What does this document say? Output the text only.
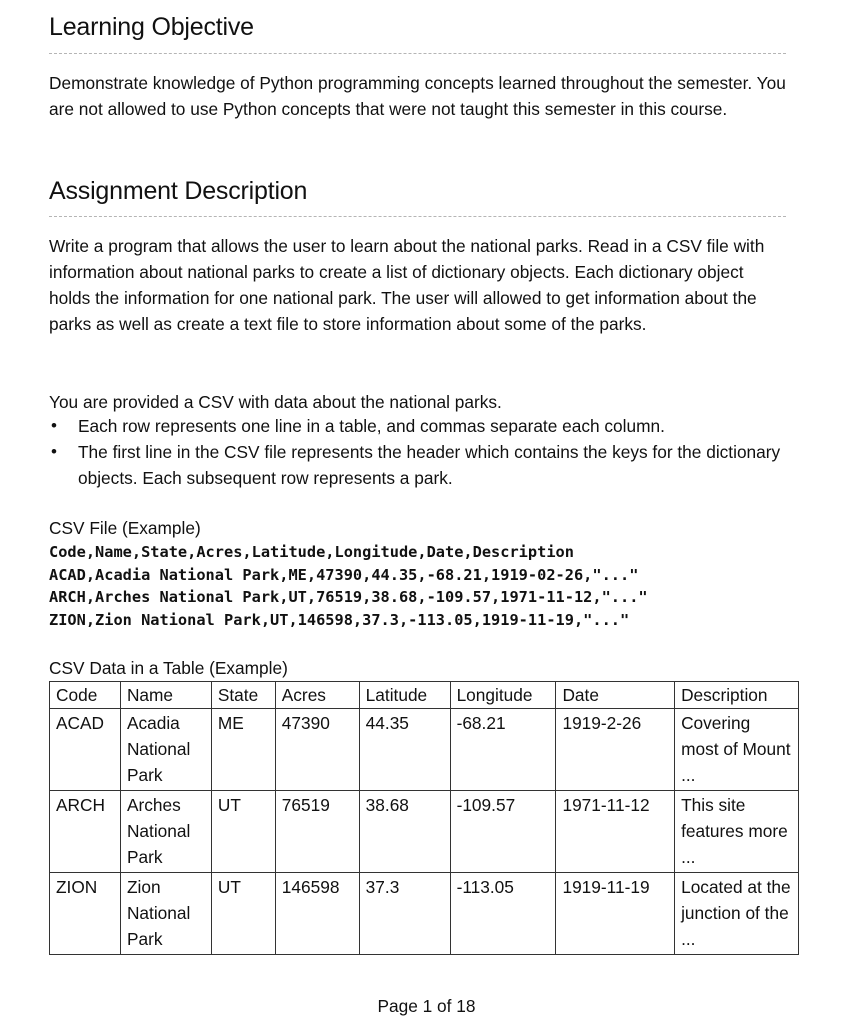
Learning Objective

Demonstrate knowledge of Python programming concepts learned throughout the semester. You are not allowed to use Python concepts that were not taught this semester in this course.

Assignment Description

Write a program that allows the user to learn about the national parks. Read in a CSV file with information about national parks to create a list of dictionary objects. Each dictionary object holds the information for one national park. The user will allowed to get information about the parks as well as create a text file to store information about some of the parks.

You are provided a CSV with data about the national parks.

• Each row represents one line in a table, and commas separate each column.
• The first line in the CSV file represents the header which contains the keys for the dictionary objects. Each subsequent row represents a park.
CSV File (Example)
Code,Name,State,Acres,Latitude,Longitude,Date,Description
ACAD,Acadia National Park,ME,47390,44.35,-68.21,1919-02-26,"..."
ARCH,Arches National Park,UT,76519,38.68,-109.57,1971-11-12,"..."
ZION,Zion National Park,UT,146598,37.3,-113.05,1919-11-19,"..."
CSV Data in a Table (Example)
Code	Name	State	Acres	Latitude	Longitude	Date	Description
ACAD	Acadia National Park	ME	47390	44.35	-68.21	1919-2-26	Covering most of Mount ...
ARCH	Arches National Park	UT	76519	38.68	-109.57	1971-11-12	This site features more ...
ZION	Zion National Park	UT	146598	37.3	-113.05	1919-11-19	Located at the junction of the ...
Page 1 of 18
